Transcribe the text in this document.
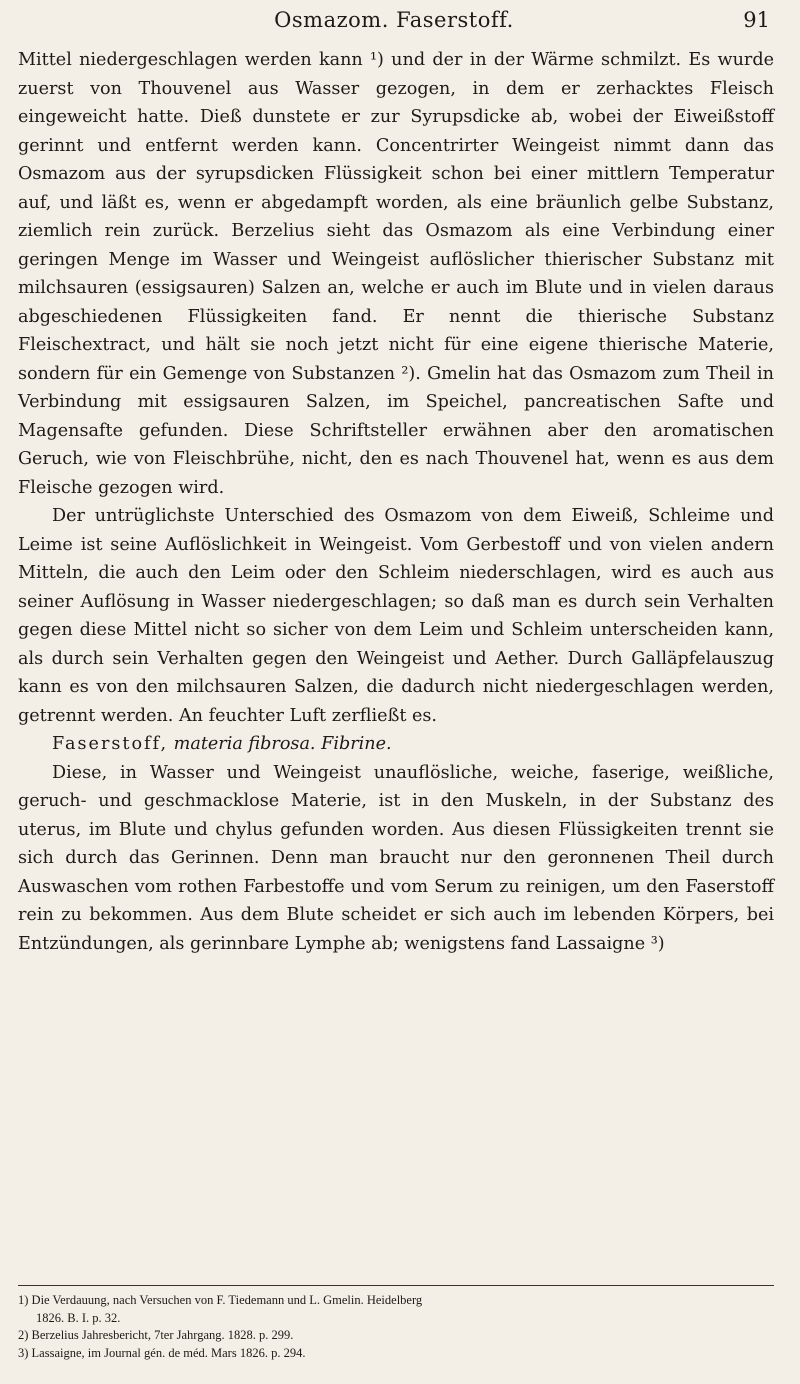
Osmazom. Faserstoff.	91

Mittel niedergeschlagen werden kann ¹) und der in der Wärme schmilzt. Es wurde zuerst von Thouvenel aus Wasser gezogen, in dem er zerhacktes Fleisch eingeweicht hatte. Dieß dunstete er zur Syrupsdicke ab, wobei der Eiweißstoff gerinnt und entfernt werden kann. Concentrirter Weingeist nimmt dann das Osmazom aus der syrupsdicken Flüssigkeit schon bei einer mittlern Temperatur auf, und läßt es, wenn er abgedampft worden, als eine bräunlich gelbe Substanz, ziemlich rein zurück. Berzelius sieht das Osmazom als eine Verbindung einer geringen Menge im Wasser und Weingeist auflöslicher thierischer Substanz mit milchsauren (essigsauren) Salzen an, welche er auch im Blute und in vielen daraus abgeschiedenen Flüssigkeiten fand. Er nennt die thierische Substanz Fleischextract, und hält sie noch jetzt nicht für eine eigene thierische Materie, sondern für ein Gemenge von Substanzen ²). Gmelin hat das Osmazom zum Theil in Verbindung mit essigsauren Salzen, im Speichel, pancreatischen Safte und Magensafte gefunden. Diese Schriftsteller erwähnen aber den aromatischen Geruch, wie von Fleischbrühe, nicht, den es nach Thouvenel hat, wenn es aus dem Fleische gezogen wird.

Der untrüglichste Unterschied des Osmazom von dem Eiweiß, Schleime und Leime ist seine Auflöslichkeit in Weingeist. Vom Gerbestoff und von vielen andern Mitteln, die auch den Leim oder den Schleim niederschlagen, wird es auch aus seiner Auflösung in Wasser niedergeschlagen; so daß man es durch sein Verhalten gegen diese Mittel nicht so sicher von dem Leim und Schleim unterscheiden kann, als durch sein Verhalten gegen den Weingeist und Aether. Durch Galläpfelauszug kann es von den milchsauren Salzen, die dadurch nicht niedergeschlagen werden, getrennt werden. An feuchter Luft zerfließt es.

Faserstoff, materia fibrosa. Fibrine.

Diese, in Wasser und Weingeist unauflösliche, weiche, faserige, weißliche, geruch- und geschmacklose Materie, ist in den Muskeln, in der Substanz des uterus, im Blute und chylus gefunden worden. Aus diesen Flüssigkeiten trennt sie sich durch das Gerinnen. Denn man braucht nur den geronnenen Theil durch Auswaschen vom rothen Farbestoffe und vom Serum zu reinigen, um den Faserstoff rein zu bekommen. Aus dem Blute scheidet er sich auch im lebenden Körpers, bei Entzündungen, als gerinnbare Lymphe ab; wenigstens fand Lassaigne ³)

1) Die Verdauung, nach Versuchen von F. Tiedemann und L. Gmelin. Heidelberg
1826. B. I. p. 32.
2) Berzelius Jahresbericht, 7ter Jahrgang. 1828. p. 299.
3) Lassaigne, im Journal gén. de méd. Mars 1826. p. 294.
